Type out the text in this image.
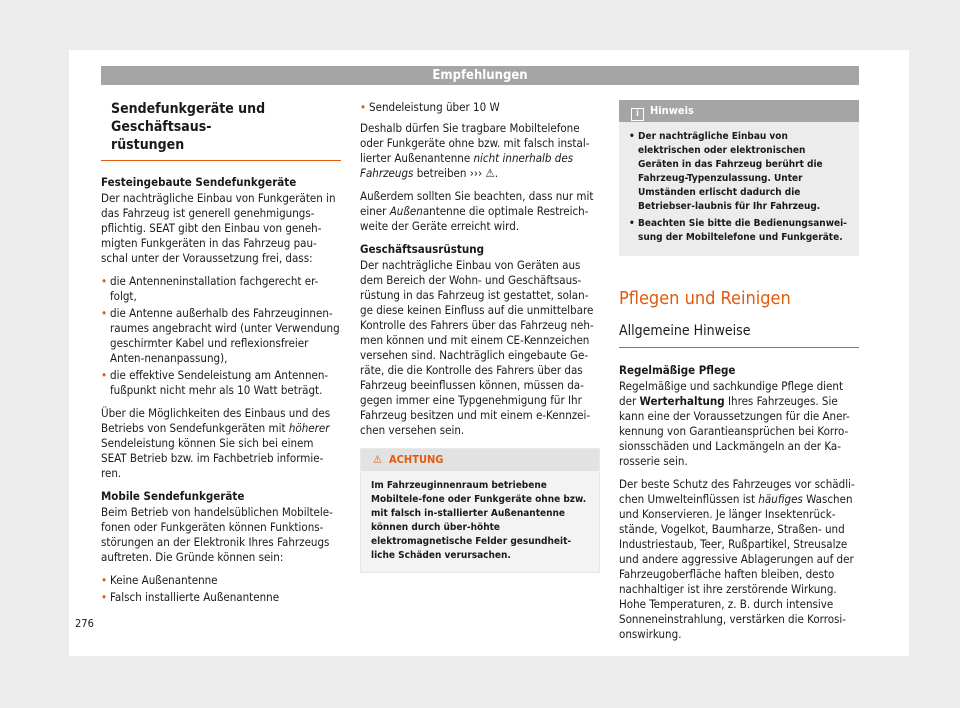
Empfehlungen
Sendefunkgeräte und Geschäftsaus-
rüstungen

Festeingebaute Sendefunkgeräte

Der nachträgliche Einbau von Funkgeräten in das Fahrzeug ist generell genehmigungs-pflichtig. SEAT gibt den Einbau von geneh-migten Funkgeräten in das Fahrzeug pau-schal unter der Voraussetzung frei, dass:

• die Antenneninstallation fachgerecht er-folgt,
• die Antenne außerhalb des Fahrzeuginnen-raumes angebracht wird (unter Verwendung geschirmter Kabel und reflexionsfreier Anten-nenanpassung),
• die effektive Sendeleistung am Antennen-fußpunkt nicht mehr als 10 Watt beträgt.

Über die Möglichkeiten des Einbaus und des Betriebs von Sendefunkgeräten mit höherer Sendeleistung können Sie sich bei einem SEAT Betrieb bzw. im Fachbetrieb informie-ren.

Mobile Sendefunkgeräte

Beim Betrieb von handelsüblichen Mobiltele-fonen oder Funkgeräten können Funktions-störungen an der Elektronik Ihres Fahrzeugs auftreten. Die Gründe können sein:

• Keine Außenantenne
• Falsch installierte Außenantenne
• Sendeleistung über 10 W

Deshalb dürfen Sie tragbare Mobiltelefone oder Funkgeräte ohne bzw. mit falsch instal-lierter Außenantenne nicht innerhalb des Fahrzeugs betreiben ››› ⚠.

Außerdem sollten Sie beachten, dass nur mit einer Außenantenne die optimale Restreich-weite der Geräte erreicht wird.

Geschäftsausrüstung

Der nachträgliche Einbau von Geräten aus dem Bereich der Wohn- und Geschäftsaus-rüstung in das Fahrzeug ist gestattet, solan-ge diese keinen Einfluss auf die unmittelbare Kontrolle des Fahrers über das Fahrzeug neh-men können und mit einem CE-Kennzeichen versehen sind. Nachträglich eingebaute Ge-räte, die die Kontrolle des Fahrers über das Fahrzeug beeinflussen können, müssen da-gegen immer eine Typgenehmigung für Ihr Fahrzeug besitzen und mit einem e-Kennzei-chen versehen sein.

⚠ ACHTUNG
Im Fahrzeuginnenraum betriebene Mobiltele-fone oder Funkgeräte ohne bzw. mit falsch in-stallierter Außenantenne können durch über-höhte elektromagnetische Felder gesundheit-liche Schäden verursachen.
i Hinweis
• Der nachträgliche Einbau von elektrischen oder elektronischen Geräten in das Fahrzeug berührt die Fahrzeug-Typenzulassung. Unter Umständen erlischt dadurch die Betriebser-laubnis für Ihr Fahrzeug.
• Beachten Sie bitte die Bedienungsanwei-sung der Mobiltelefone und Funkgeräte.
Pflegen und Reinigen
Allgemeine Hinweise

Regelmäßige Pflege

Regelmäßige und sachkundige Pflege dient der Werterhaltung Ihres Fahrzeuges. Sie kann eine der Voraussetzungen für die Aner-kennung von Garantieansprüchen bei Korro-sionsschäden und Lackmängeln an der Ka-rosserie sein.

Der beste Schutz des Fahrzeuges vor schädli-chen Umwelteinflüssen ist häufiges Waschen und Konservieren. Je länger Insektenrück-stände, Vogelkot, Baumharze, Straßen- und Industriestaub, Teer, Rußpartikel, Streusalze und andere aggressive Ablagerungen auf der Fahrzeugoberfläche haften bleiben, desto nachhaltiger ist ihre zerstörende Wirkung. Hohe Temperaturen, z. B. durch intensive Sonneneinstrahlung, verstärken die Korrosi-onswirkung.

276
